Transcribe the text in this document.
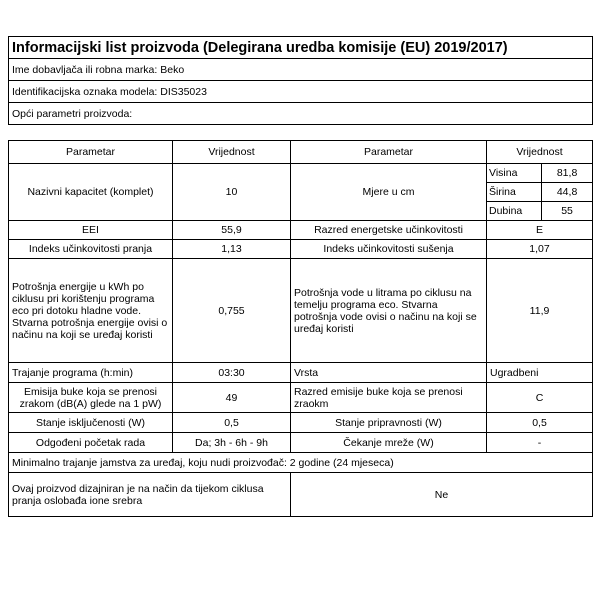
Informacijski list proizvoda (Delegirana uredba komisije (EU) 2019/2017)
Ime dobavljača ili robna marka: Beko
Identifikacijska oznaka modela: DIS35023
Opći parametri proizvoda:

Parametar	Vrijednost	Parametar	Vrijednost
Nazivni kapacitet (komplet)	10	Mjere u cm	
Visina	81,8
Širina	44,8
Dubina	55

EEI	55,9	Razred energetske učinkovitosti	E
Indeks učinkovitosti pranja	1,13	Indeks učinkovitosti sušenja	1,07
Potrošnja energije u kWh po ciklusu pri korištenju programa eco pri dotoku hladne vode. Stvarna potrošnja energije ovisi o načinu na koji se uređaj koristi	0,755	Potrošnja vode u litrama po ciklusu na temelju programa eco. Stvarna potrošnja vode ovisi o načinu na koji se uređaj koristi	11,9
Trajanje programa (h:min)	03:30	Vrsta	Ugradbeni
Emisija buke koja se prenosi zrakom (dB(A) glede na 1 pW)	49	Razred emisije buke koja se prenosi zraokm	C
Stanje isključenosti (W)	0,5	Stanje pripravnosti (W)	0,5
Odgođeni početak rada	Da; 3h - 6h - 9h	Čekanje mreže (W)	-
Minimalno trajanje jamstva za uređaj, koju nudi proizvođač: 2 godine (24 mjeseca)
Ovaj proizvod dizajniran je na način da tijekom ciklusa pranja oslobađa ione srebra	Ne
